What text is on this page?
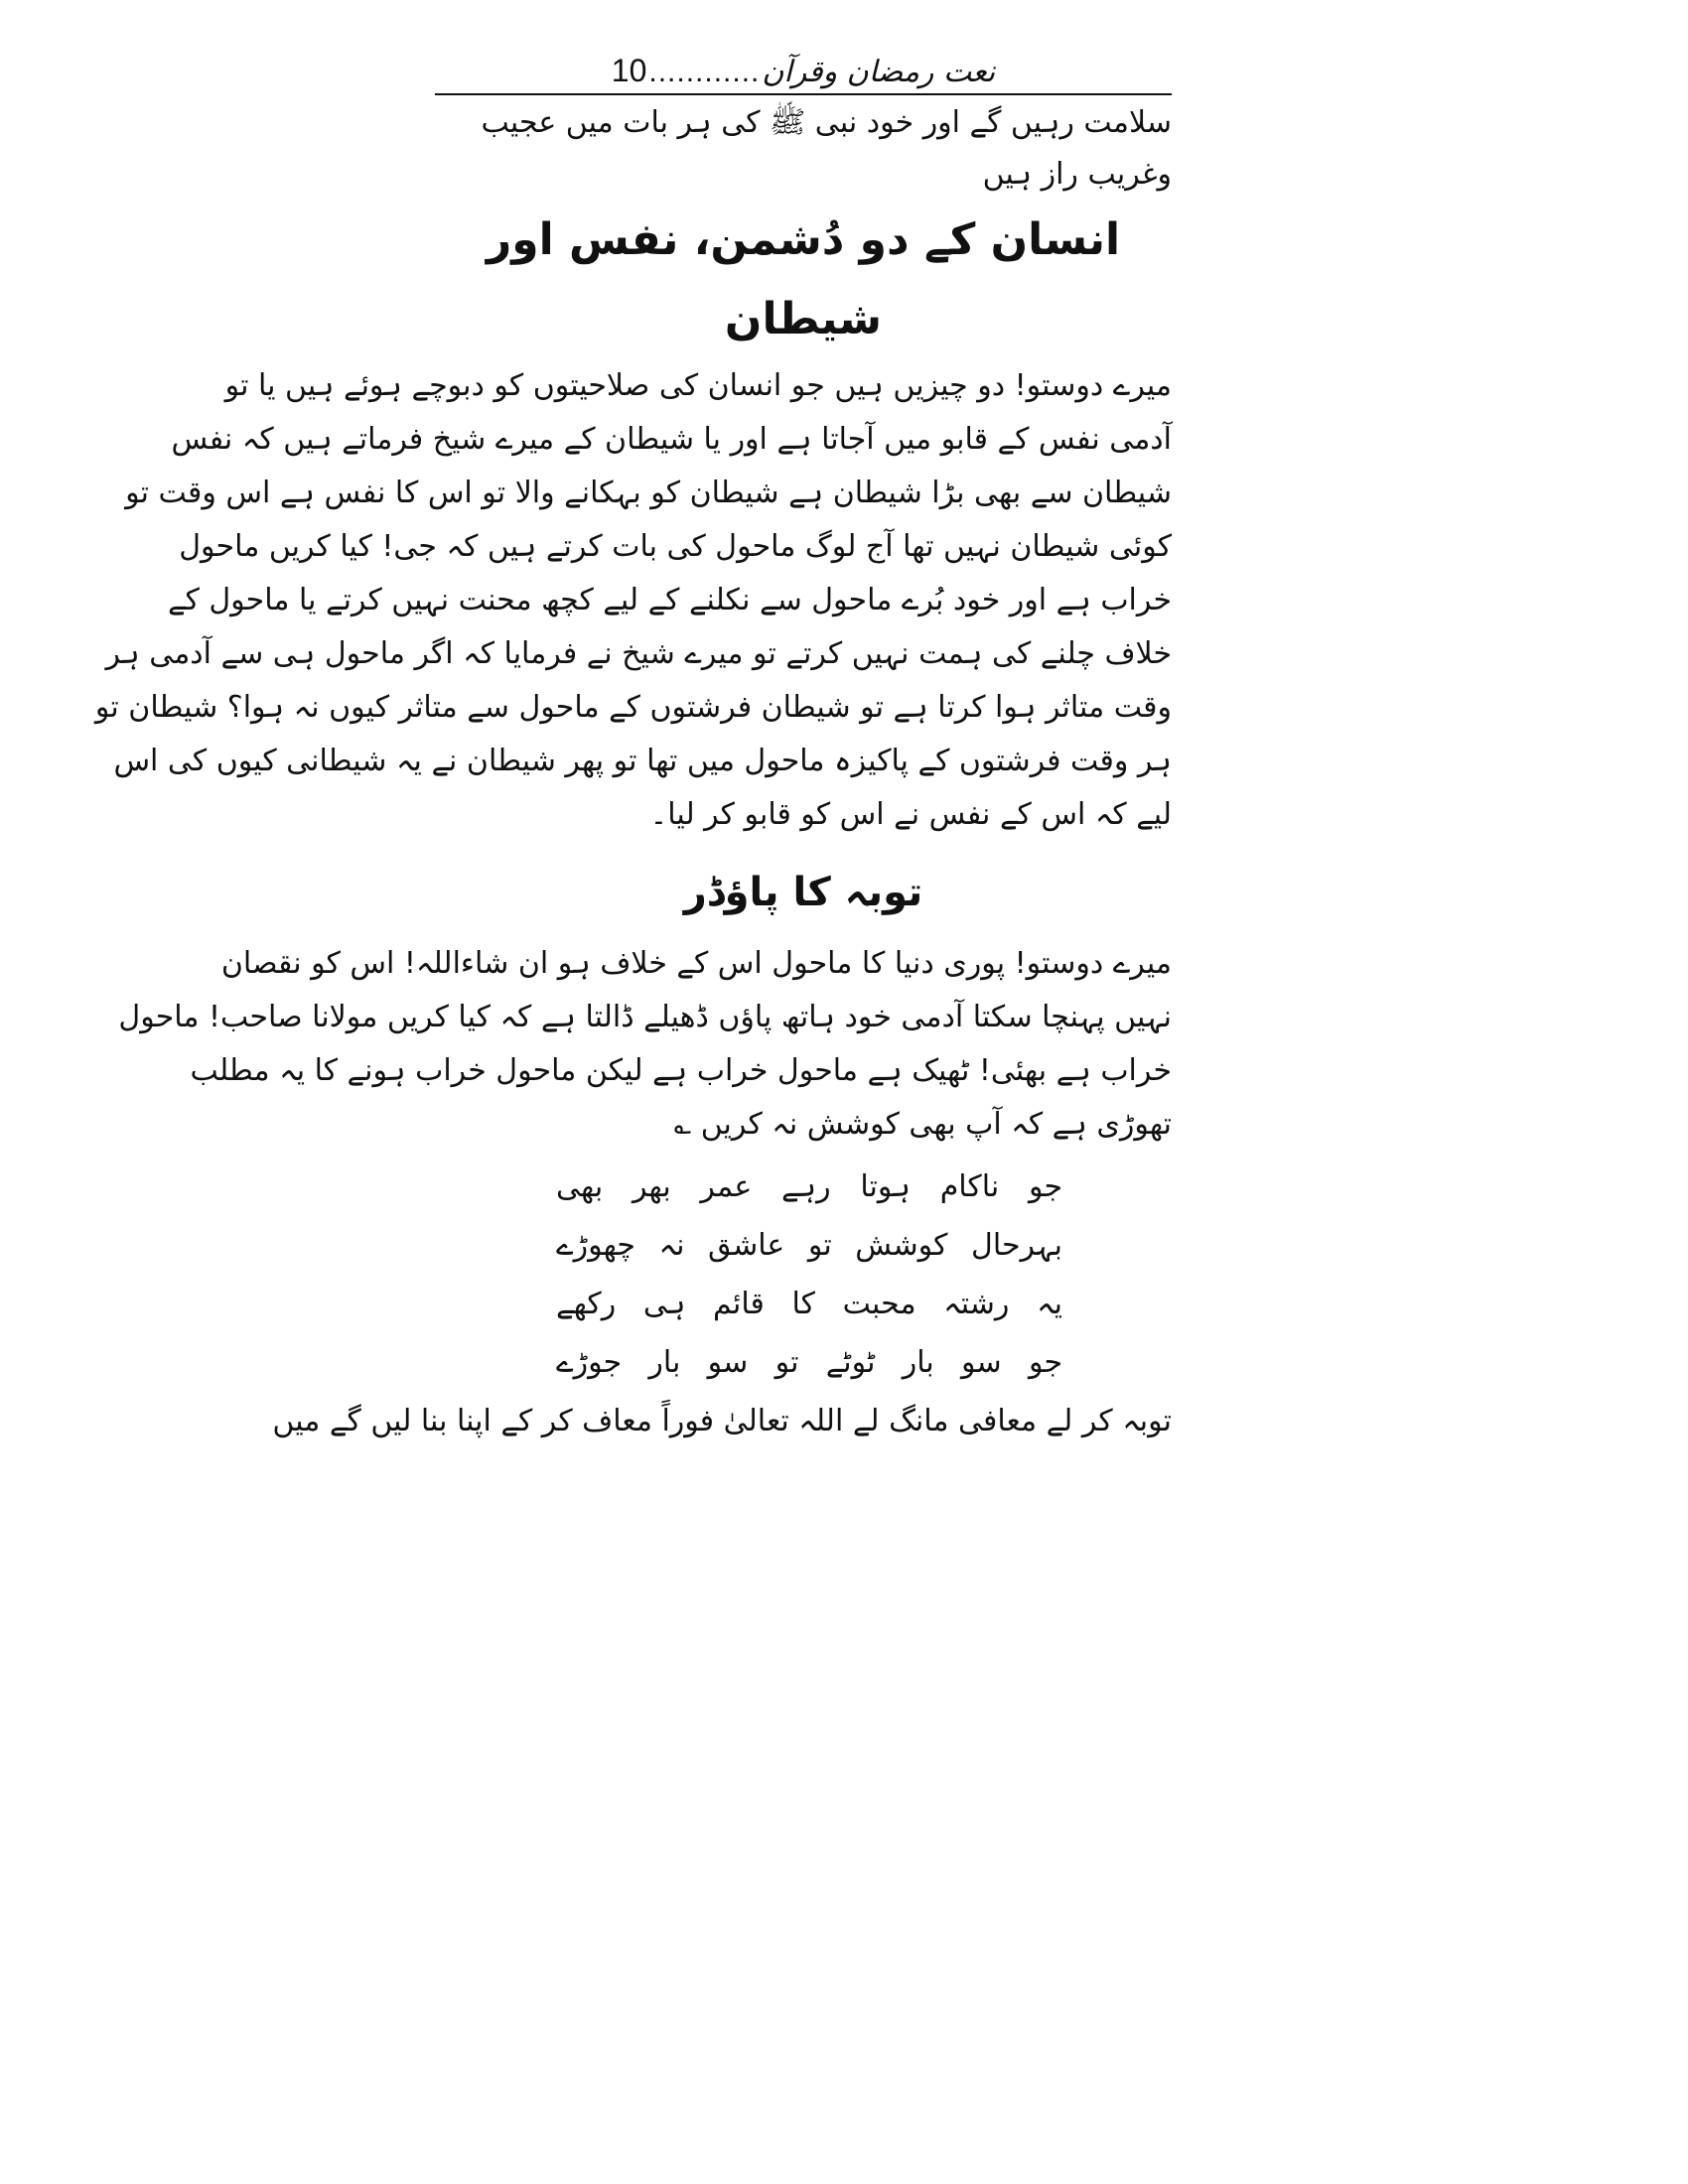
10 ............ نعت رمضان وقرآن
سلامت رہیں گے اور خود نبی ﷺ کی ہر بات میں عجیب وغریب راز ہیں
انسان کے دو دُشمن، نفس اور شیطان
میرے دوستو! دو چیزیں ہیں جو انسان کی صلاحیتوں کو دبوچے ہوئے ہیں یا تو
آدمی نفس کے قابو میں آجاتا ہے اور یا شیطان کے میرے شیخ فرماتے ہیں کہ نفس
شیطان سے بھی بڑا شیطان ہے شیطان کو بہکانے والا تو اس کا نفس ہے اس وقت تو
کوئی شیطان نہیں تھا آج لوگ ماحول کی بات کرتے ہیں کہ جی! کیا کریں ماحول
خراب ہے اور خود بُرے ماحول سے نکلنے کے لیے کچھ محنت نہیں کرتے یا ماحول کے
خلاف چلنے کی ہمت نہیں کرتے تو میرے شیخ نے فرمایا کہ اگر ماحول ہی سے آدمی ہر
وقت متاثر ہوا کرتا ہے تو شیطان فرشتوں کے ماحول سے متاثر کیوں نہ ہوا؟ شیطان تو
ہر وقت فرشتوں کے پاکیزہ ماحول میں تھا تو پھر شیطان نے یہ شیطانی کیوں کی اس
لیے کہ اس کے نفس نے اس کو قابو کر لیا۔
توبہ کا پاؤڈر
میرے دوستو! پوری دنیا کا ماحول اس کے خلاف ہو ان شاءاللہ! اس کو نقصان
نہیں پہنچا سکتا آدمی خود ہاتھ پاؤں ڈھیلے ڈالتا ہے کہ کیا کریں مولانا صاحب! ماحول
خراب ہے بھئی! ٹھیک ہے ماحول خراب ہے لیکن ماحول خراب ہونے کا یہ مطلب
تھوڑی ہے کہ آپ بھی کوشش نہ کریں ؎
جو ناکام ہوتا رہے عمر بھر بھی
بہرحال کوشش تو عاشق نہ چھوڑے
یہ رشتہ محبت کا قائم ہی رکھے
جو سو بار ٹوٹے تو سو بار جوڑے
توبہ کر لے معافی مانگ لے اللہ تعالیٰ فوراً معاف کر کے اپنا بنا لیں گے میں
